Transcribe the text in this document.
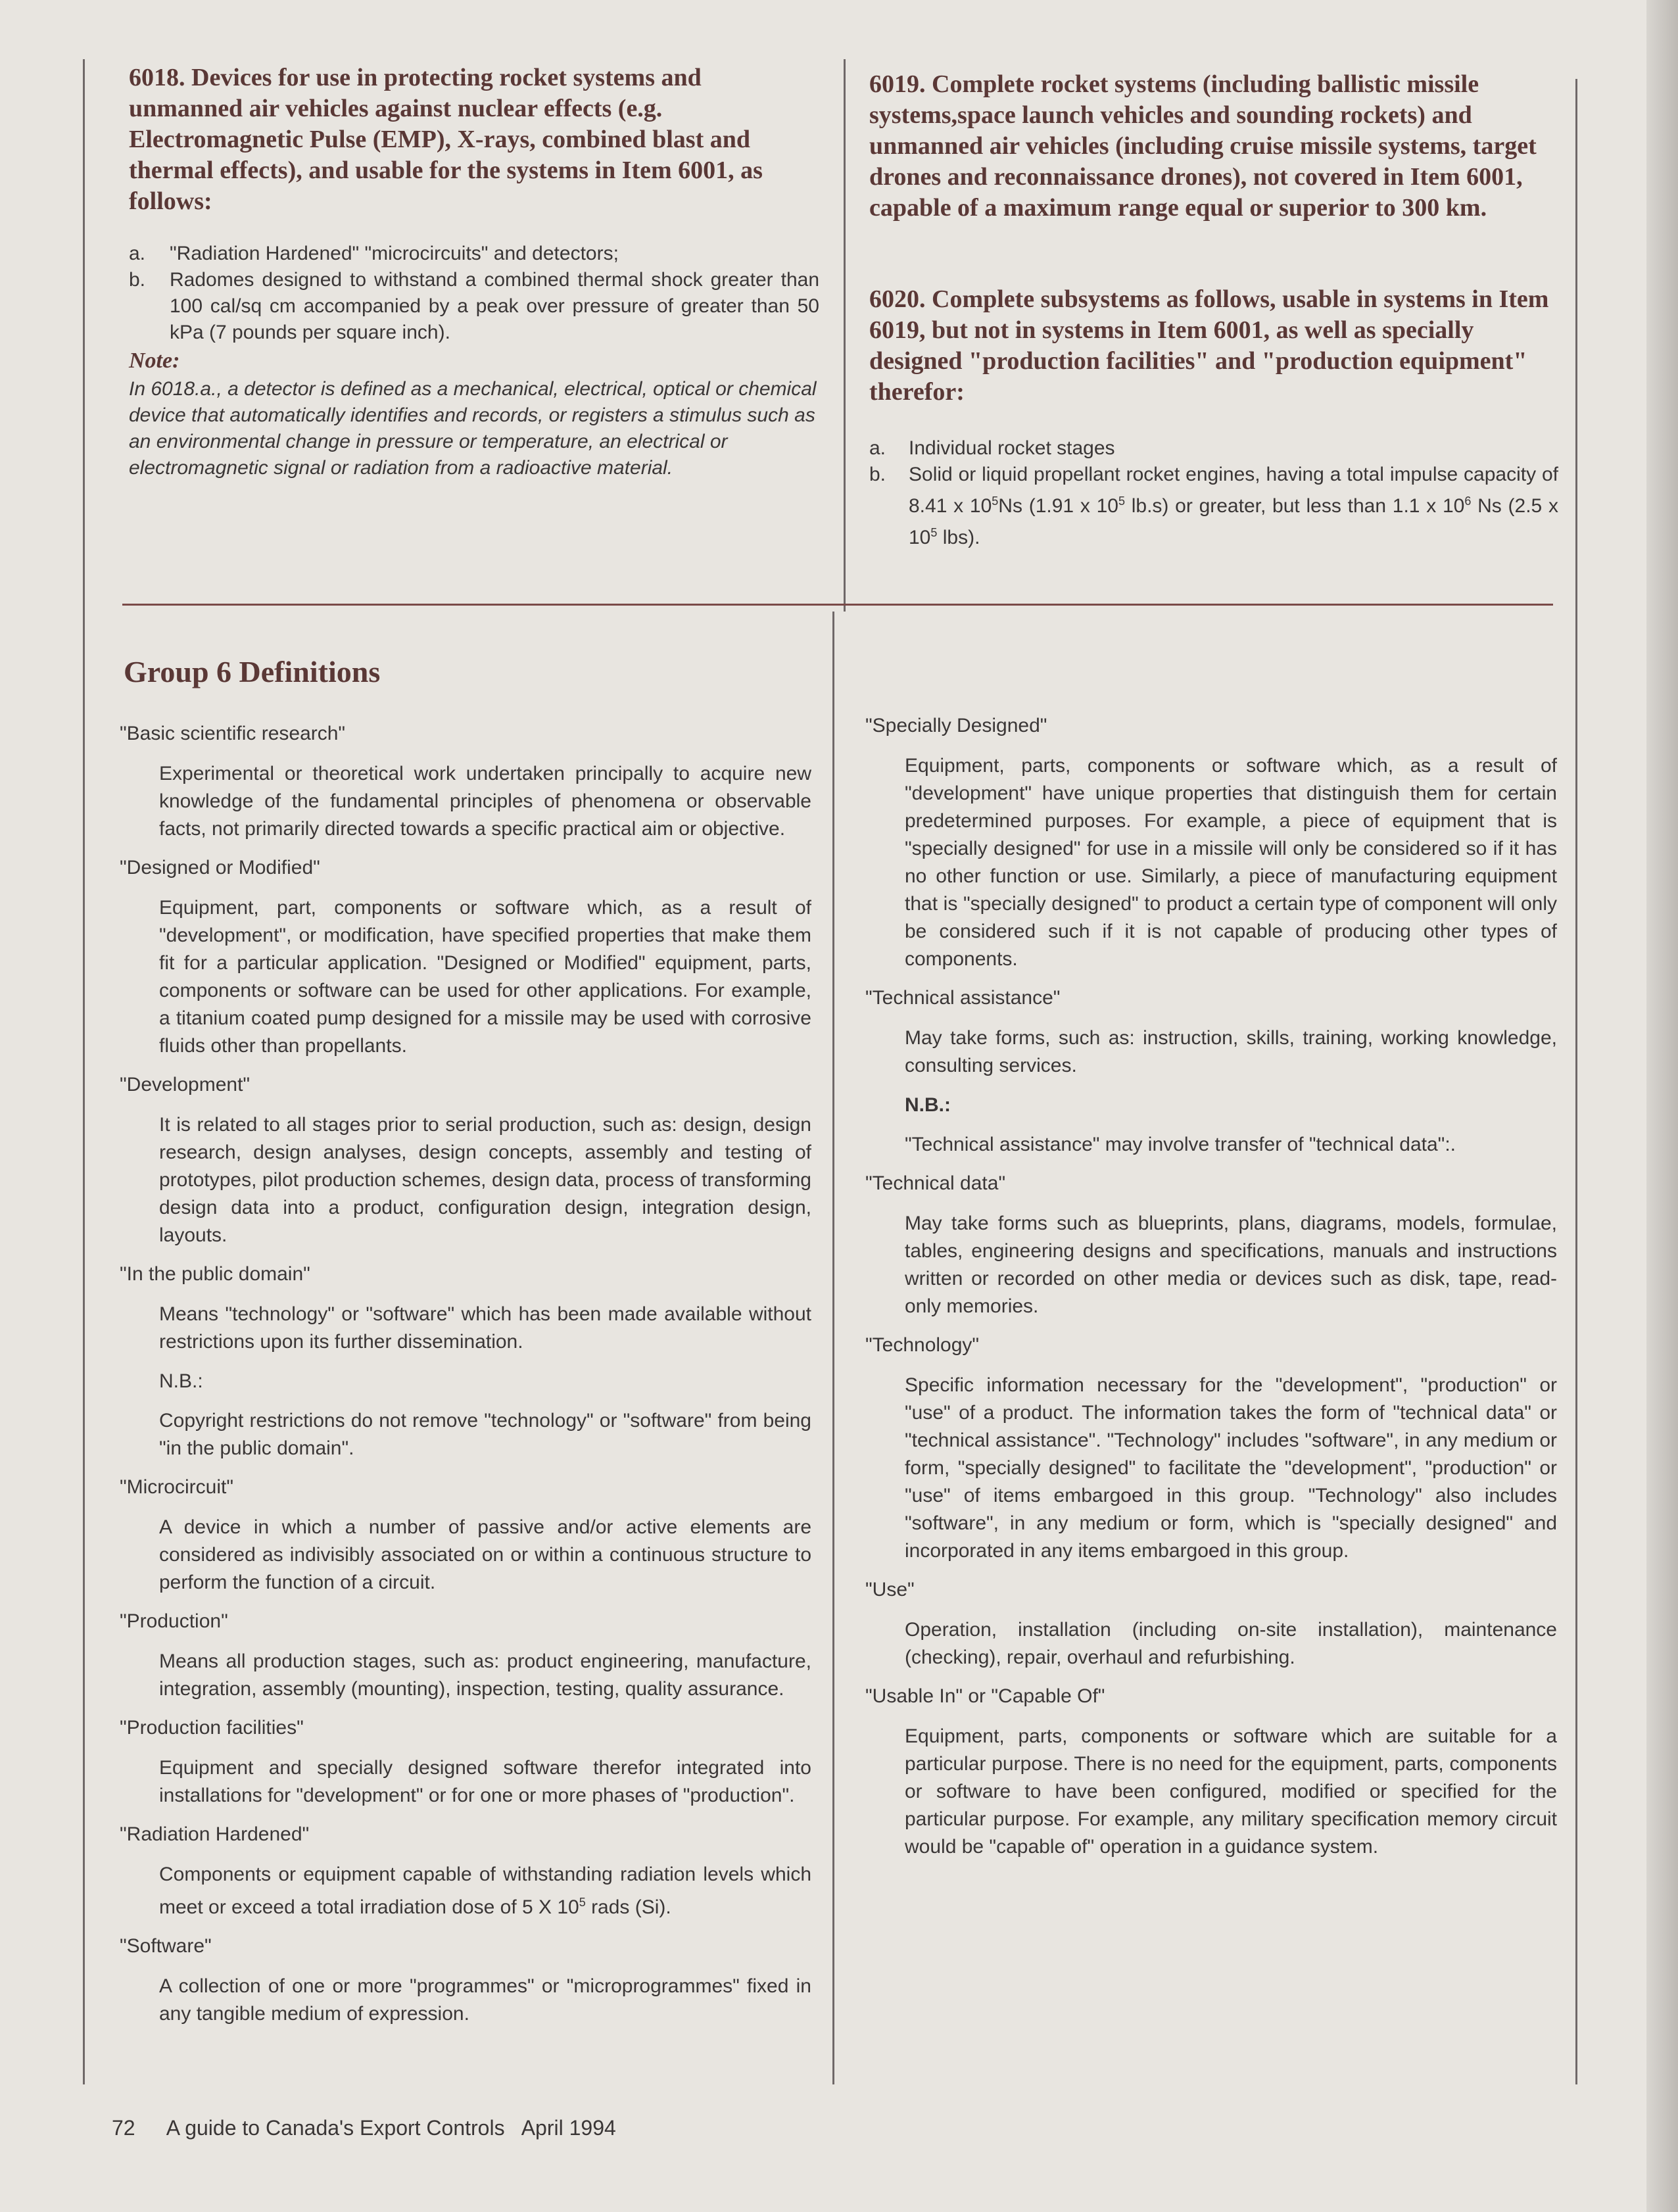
6018. Devices for use in protecting rocket systems and unmanned air vehicles against nuclear effects (e.g. Electromagnetic Pulse (EMP), X-rays, combined blast and thermal effects), and usable for the systems in Item 6001, as follows:
a. "Radiation Hardened" "microcircuits" and detectors;
b. Radomes designed to withstand a combined thermal shock greater than 100 cal/sq cm accompanied by a peak over pressure of greater than 50 kPa (7 pounds per square inch).

Note:

In 6018.a., a detector is defined as a mechanical, electrical, optical or chemical device that automatically identifies and records, or registers a stimulus such as an environmental change in pressure or temperature, an electrical or electromagnetic signal or radiation from a radioactive material.

6019. Complete rocket systems (including ballistic missile systems,space launch vehicles and sounding rockets) and unmanned air vehicles (including cruise missile systems, target drones and reconnaissance drones), not covered in Item 6001, capable of a maximum range equal or superior to 300 km.
6020. Complete subsystems as follows, usable in systems in Item 6019, but not in systems in Item 6001, as well as specially designed "production facilities" and "production equipment" therefor:
a. Individual rocket stages
b. Solid or liquid propellant rocket engines, having a total impulse capacity of 8.41 x $10^5Ns$ (1.91 x $10^5$ lb.s) or greater, but less than 1.1 x $10^6$ Ns (2.5 x $10^5$ lbs).
Group 6 Definitions

"Basic scientific research"

Experimental or theoretical work undertaken principally to acquire new knowledge of the fundamental principles of phenomena or observable facts, not primarily directed towards a specific practical aim or objective.

"Designed or Modified"

Equipment, part, components or software which, as a result of "development", or modification, have specified properties that make them fit for a particular application. "Designed or Modified" equipment, parts, components or software can be used for other applications. For example, a titanium coated pump designed for a missile may be used with corrosive fluids other than propellants.

"Development"

It is related to all stages prior to serial production, such as: design, design research, design analyses, design concepts, assembly and testing of prototypes, pilot production schemes, design data, process of transforming design data into a product, configuration design, integration design, layouts.

"In the public domain"

Means "technology" or "software" which has been made available without restrictions upon its further dissemination.

N.B.:

Copyright restrictions do not remove "technology" or "software" from being "in the public domain".

"Microcircuit"

A device in which a number of passive and/or active elements are considered as indivisibly associated on or within a continuous structure to perform the function of a circuit.

"Production"

Means all production stages, such as: product engineering, manufacture, integration, assembly (mounting), inspection, testing, quality assurance.

"Production facilities"

Equipment and specially designed software therefor integrated into installations for "development" or for one or more phases of "production".

"Radiation Hardened"

Components or equipment capable of withstanding radiation levels which meet or exceed a total irradiation dose of 5 X $10^5$ rads (Si).

"Software"

A collection of one or more "programmes" or "microprogrammes" fixed in any tangible medium of expression.

"Specially Designed"

Equipment, parts, components or software which, as a result of "development" have unique properties that distinguish them for certain predetermined purposes. For example, a piece of equipment that is "specially designed" for use in a missile will only be considered so if it has no other function or use. Similarly, a piece of manufacturing equipment that is "specially designed" to product a certain type of component will only be considered such if it is not capable of producing other types of components.

"Technical assistance"

May take forms, such as: instruction, skills, training, working knowledge, consulting services.

N.B.:

"Technical assistance" may involve transfer of "technical data":.

"Technical data"

May take forms such as blueprints, plans, diagrams, models, formulae, tables, engineering designs and specifications, manuals and instructions written or recorded on other media or devices such as disk, tape, read-only memories.

"Technology"

Specific information necessary for the "development", "production" or "use" of a product. The information takes the form of "technical data" or "technical assistance". "Technology" includes "software", in any medium or form, "specially designed" to facilitate the "development", "production" or "use" of items embargoed in this group. "Technology" also includes "software", in any medium or form, which is "specially designed" and incorporated in any items embargoed in this group.

"Use"

Operation, installation (including on-site installation), maintenance (checking), repair, overhaul and refurbishing.

"Usable In" or "Capable Of"

Equipment, parts, components or software which are suitable for a particular purpose. There is no need for the equipment, parts, components or software to have been configured, modified or specified for the particular purpose. For example, any military specification memory circuit would be "capable of" operation in a guidance system.

72 A guide to Canada's Export Controls April 1994
